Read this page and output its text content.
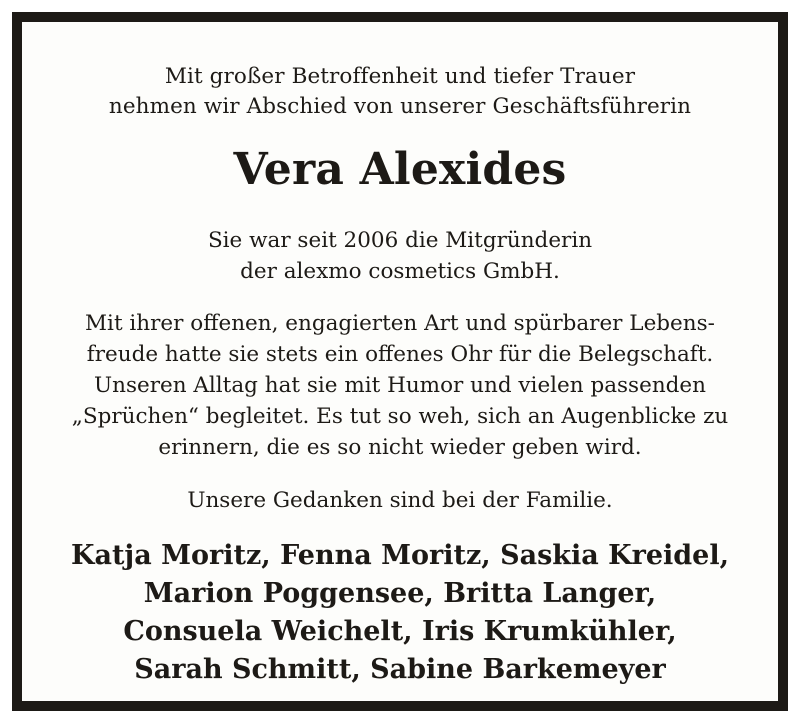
Mit großer Betroffenheit und tiefer Trauer
nehmen wir Abschied von unserer Geschäftsführerin
Vera Alexides
Sie war seit 2006 die Mitgründerin
der alexmo cosmetics GmbH.
Mit ihrer offenen, engagierten Art und spürbarer Lebens-
freude hatte sie stets ein offenes Ohr für die Belegschaft.
Unseren Alltag hat sie mit Humor und vielen passenden
„Sprüchen“ begleitet. Es tut so weh, sich an Augenblicke zu
erinnern, die es so nicht wieder geben wird.
Unsere Gedanken sind bei der Familie.
Katja Moritz, Fenna Moritz, Saskia Kreidel,
Marion Poggensee, Britta Langer,
Consuela Weichelt, Iris Krumkühler,
Sarah Schmitt, Sabine Barkemeyer
